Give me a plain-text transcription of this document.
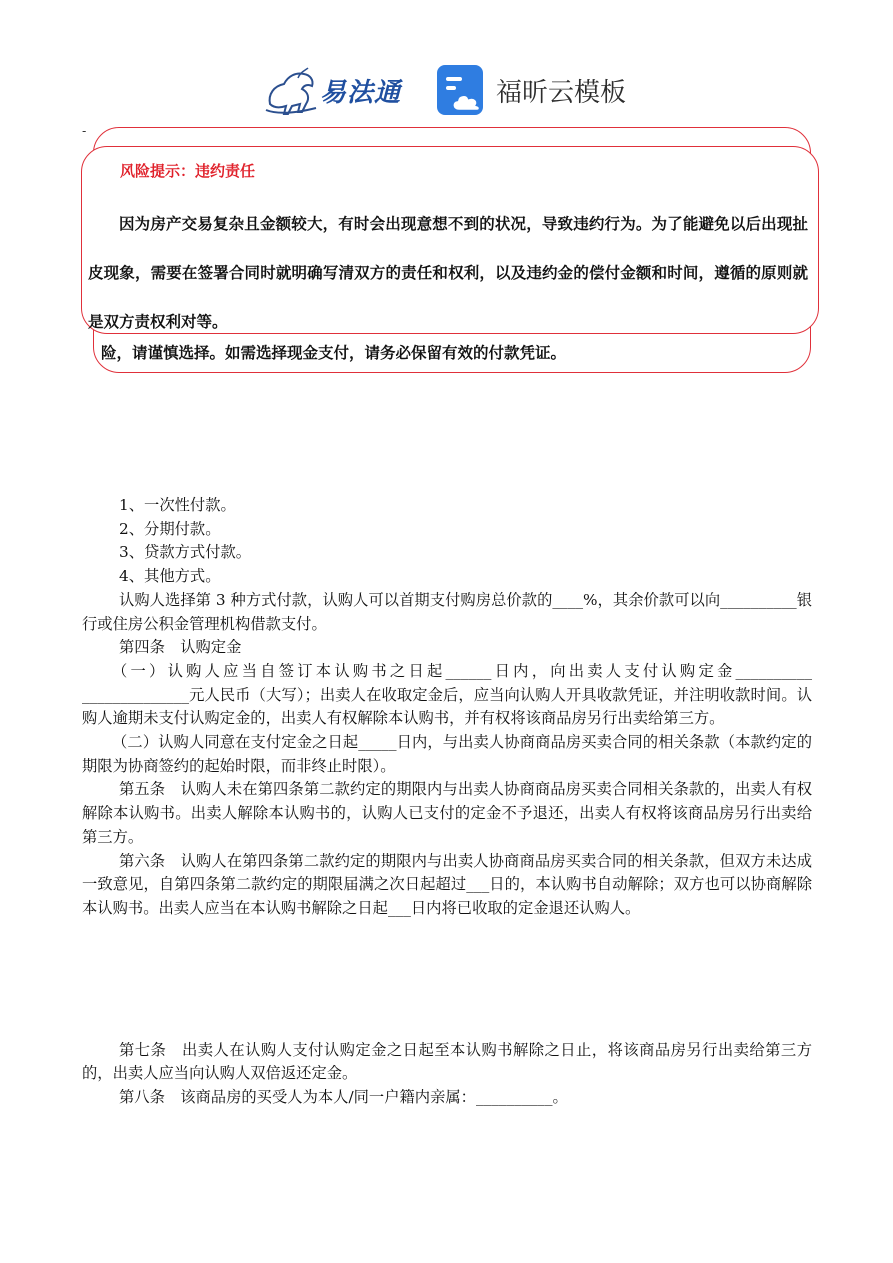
易法通	福昕云模板
-
险，请谨慎选择。如需选择现金支付，请务必保留有效的付款凭证。
风险提示：违约责任
因为房产交易复杂且金额较大，有时会出现意想不到的状况，导致违约行为。为了能避免以后出现扯皮现象，需要在签署合同时就明确写清双方的责任和权利，以及违约金的偿付金额和时间，遵循的原则就是双方责权利对等。

1、一次性付款。

2、分期付款。

3、贷款方式付款。

4、其他方式。

认购人选择第 3 种方式付款，认购人可以首期支付购房总价款的____%，其余价款可以向__________银行或住房公积金管理机构借款支付。

第四条　认购定金

（一）认购人应当自签订本认购书之日起______日内，向出卖人支付认购定金__________ ______________元人民币（大写）；出卖人在收取定金后，应当向认购人开具收款凭证，并注明收款时间。认购人逾期未支付认购定金的，出卖人有权解除本认购书，并有权将该商品房另行出卖给第三方。

（二）认购人同意在支付定金之日起_____日内，与出卖人协商商品房买卖合同的相关条款（本款约定的期限为协商签约的起始时限，而非终止时限）。

第五条　认购人未在第四条第二款约定的期限内与出卖人协商商品房买卖合同相关条款的，出卖人有权解除本认购书。出卖人解除本认购书的，认购人已支付的定金不予退还，出卖人有权将该商品房另行出卖给第三方。

第六条　认购人在第四条第二款约定的期限内与出卖人协商商品房买卖合同的相关条款，但双方未达成一致意见，自第四条第二款约定的期限届满之次日起超过___日的，本认购书自动解除；双方也可以协商解除本认购书。出卖人应当在本认购书解除之日起___日内将已收取的定金退还认购人。

第七条　出卖人在认购人支付认购定金之日起至本认购书解除之日止，将该商品房另行出卖给第三方的，出卖人应当向认购人双倍返还定金。

第八条　该商品房的买受人为本人/同一户籍内亲属：__________。
